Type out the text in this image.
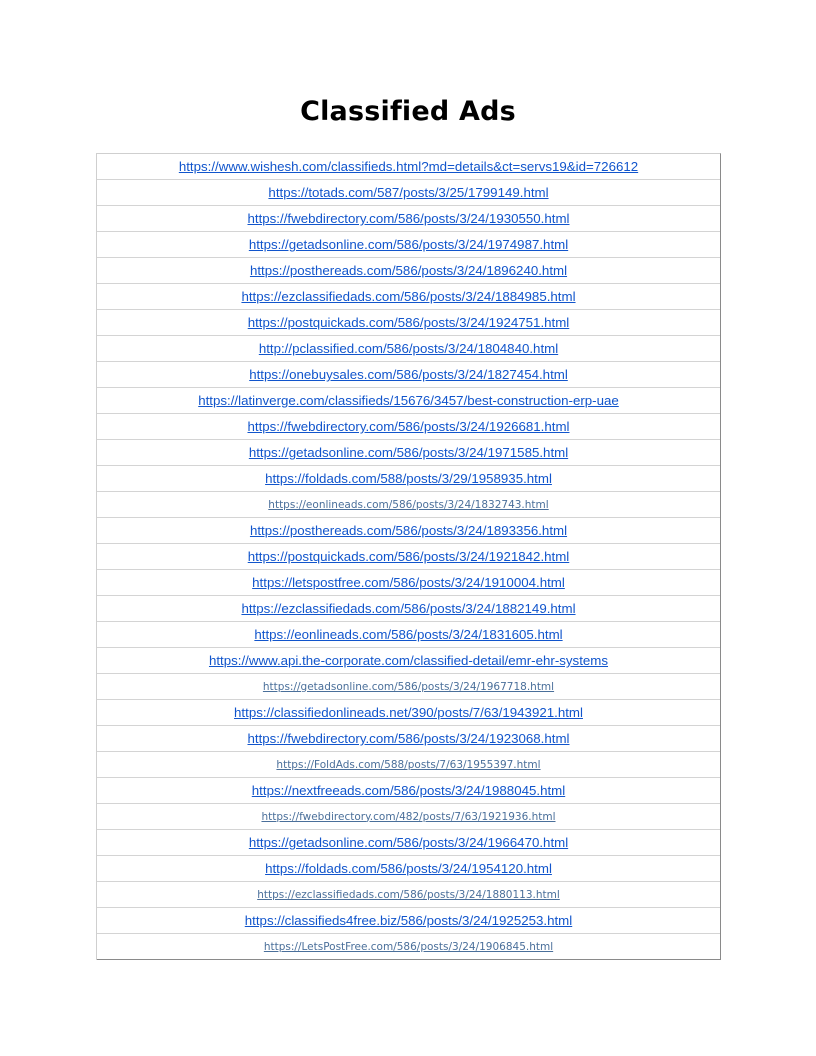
Classified Ads
https://www.wishesh.com/classifieds.html?md=details&ct=servs19&id=726612
https://totads.com/587/posts/3/25/1799149.html
https://fwebdirectory.com/586/posts/3/24/1930550.html
https://getadsonline.com/586/posts/3/24/1974987.html
https://posthereads.com/586/posts/3/24/1896240.html
https://ezclassifiedads.com/586/posts/3/24/1884985.html
https://postquickads.com/586/posts/3/24/1924751.html
http://pclassified.com/586/posts/3/24/1804840.html
https://onebuysales.com/586/posts/3/24/1827454.html
https://latinverge.com/classifieds/15676/3457/best-construction-erp-uae
https://fwebdirectory.com/586/posts/3/24/1926681.html
https://getadsonline.com/586/posts/3/24/1971585.html
https://foldads.com/588/posts/3/29/1958935.html
https://eonlineads.com/586/posts/3/24/1832743.html
https://posthereads.com/586/posts/3/24/1893356.html
https://postquickads.com/586/posts/3/24/1921842.html
https://letspostfree.com/586/posts/3/24/1910004.html
https://ezclassifiedads.com/586/posts/3/24/1882149.html
https://eonlineads.com/586/posts/3/24/1831605.html
https://www.api.the-corporate.com/classified-detail/emr-ehr-systems
https://getadsonline.com/586/posts/3/24/1967718.html
https://classifiedonlineads.net/390/posts/7/63/1943921.html
https://fwebdirectory.com/586/posts/3/24/1923068.html
https://FoldAds.com/588/posts/7/63/1955397.html
https://nextfreeads.com/586/posts/3/24/1988045.html
https://fwebdirectory.com/482/posts/7/63/1921936.html
https://getadsonline.com/586/posts/3/24/1966470.html
https://foldads.com/586/posts/3/24/1954120.html
https://ezclassifiedads.com/586/posts/3/24/1880113.html
https://classifieds4free.biz/586/posts/3/24/1925253.html
https://LetsPostFree.com/586/posts/3/24/1906845.html
